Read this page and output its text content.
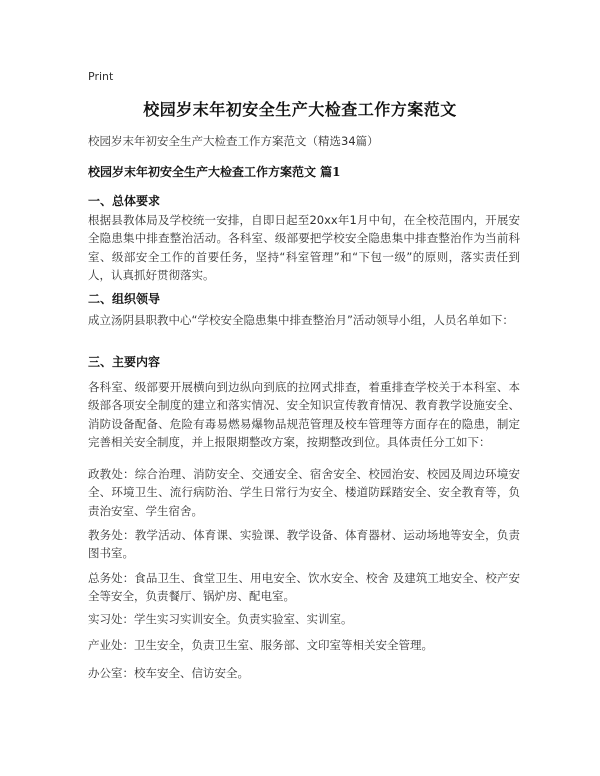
Print
校园岁末年初安全生产大检查工作方案范文
校园岁末年初安全生产大检查工作方案范文（精选34篇）
校园岁末年初安全生产大检查工作方案范文 篇1
一、总体要求
根据县教体局及学校统一安排，自即日起至20xx年1月中旬，在全校范围内，开展安全隐患集中排查整治活动。各科室、级部要把学校安全隐患集中排查整治作为当前科室、级部安全工作的首要任务，坚持“科室管理”和“下包一级”的原则，落实责任到人，认真抓好贯彻落实。
二、组织领导
成立汤阴县职教中心“学校安全隐患集中排查整治月”活动领导小组，人员名单如下：
三、主要内容
各科室、级部要开展横向到边纵向到底的拉网式排查，着重排查学校关于本科室、本级部各项安全制度的建立和落实情况、安全知识宣传教育情况、教育教学设施安全、消防设备配备、危险有毒易燃易爆物品规范管理及校车管理等方面存在的隐患，制定完善相关安全制度，并上报限期整改方案，按期整改到位。具体责任分工如下：
政教处：综合治理、消防安全、交通安全、宿舍安全、校园治安、校园及周边环境安全、环境卫生、流行病防治、学生日常行为安全、楼道防踩踏安全、安全教育等，负责治安室、学生宿舍。
教务处：教学活动、体育课、实验课、教学设备、体育器材、运动场地等安全，负责图书室。
总务处：食品卫生、食堂卫生、用电安全、饮水安全、校舍 及建筑工地安全、校产安全等安全，负责餐厅、锅炉房、配电室。
实习处：学生实习实训安全。负责实验室、实训室。
产业处：卫生安全，负责卫生室、服务部、文印室等相关安全管理。
办公室：校车安全、信访安全。
